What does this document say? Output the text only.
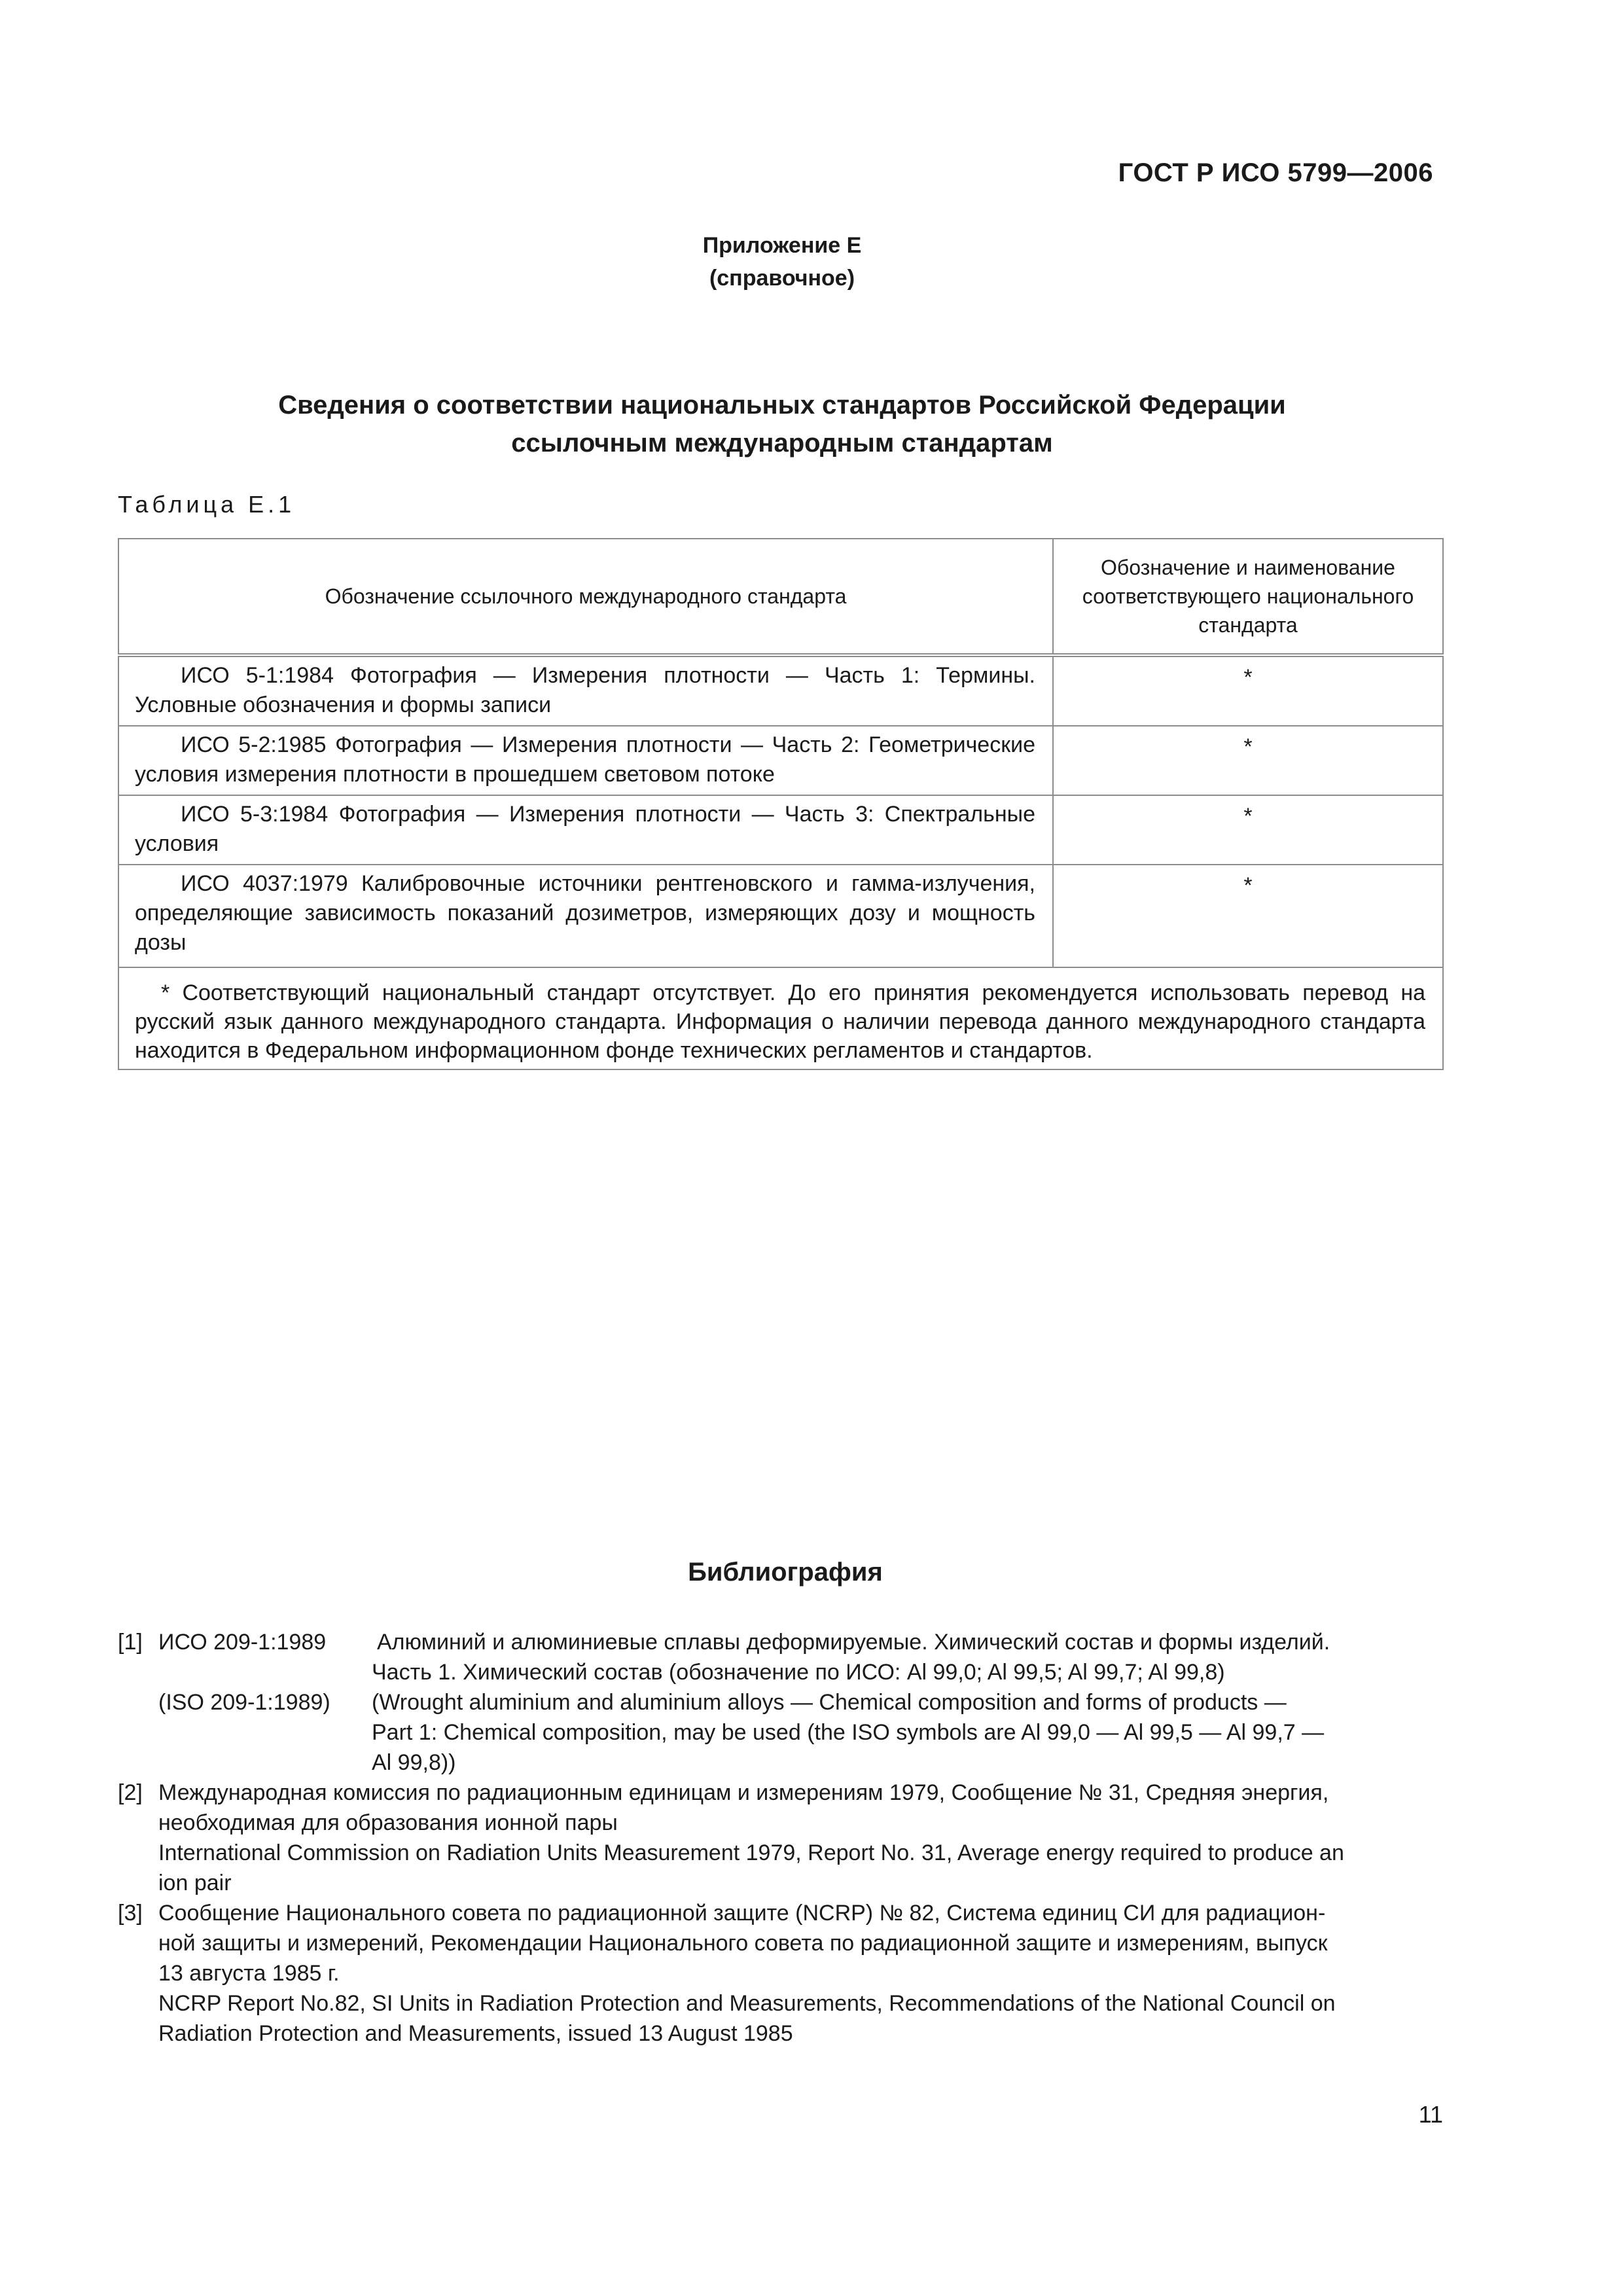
ГОСТ Р ИСО 5799—2006
Приложение Е
(справочное)
Сведения о соответствии национальных стандартов Российской Федерации
ссылочным международным стандартам
Таблица Е.1
Обозначение ссылочного международного стандарта	Обозначение и наименование соответствующего национального стандарта

ИСО 5-1:1984 Фотография — Измерения плотности — Часть 1: Термины. Условные обозначения и формы записи	*

ИСО 5-2:1985 Фотография — Измерения плотности — Часть 2: Геометрические условия измерения плотности в прошедшем световом потоке	*

ИСО 5-3:1984 Фотография — Измерения плотности — Часть 3: Спектральные условия	*

ИСО 4037:1979 Калибровочные источники рентгеновского и гамма-излучения, определяющие зависимость показаний дозиметров, измеряющих дозу и мощность дозы	*

* Соответствующий национальный стандарт отсутствует. До его принятия рекомендуется использовать перевод на русский язык данного международного стандарта. Информация о наличии перевода данного международного стандарта находится в Федеральном информационном фонде технических регламентов и стандартов.	
Библиография
[1] ИСО 209-1:1989 Алюминий и алюминиевые сплавы деформируемые. Химический состав и формы изделий.
Часть 1. Химический состав (обозначение по ИСО: Al 99,0; Al 99,5; Al 99,7; Al 99,8)
(ISO 209-1:1989) (Wrought aluminium and aluminium alloys — Chemical composition and forms of products —
Part 1: Chemical composition, may be used (the ISO symbols are Al 99,0 — Al 99,5 — Al 99,7 —
Al 99,8))
[2] Международная комиссия по радиационным единицам и измерениям 1979, Сообщение № 31, Средняя энергия,
необходимая для образования ионной пары
International Commission on Radiation Units Measurement 1979, Report No. 31, Average energy required to produce an
ion pair
[3] Сообщение Национального совета по радиационной защите (NCRP) № 82, Система единиц СИ для радиацион-
ной защиты и измерений, Рекомендации Национального совета по радиационной защите и измерениям, выпуск
13 августа 1985 г.
NCRP Report No.82, SI Units in Radiation Protection and Measurements, Recommendations of the National Council on
Radiation Protection and Measurements, issued 13 August 1985
11
